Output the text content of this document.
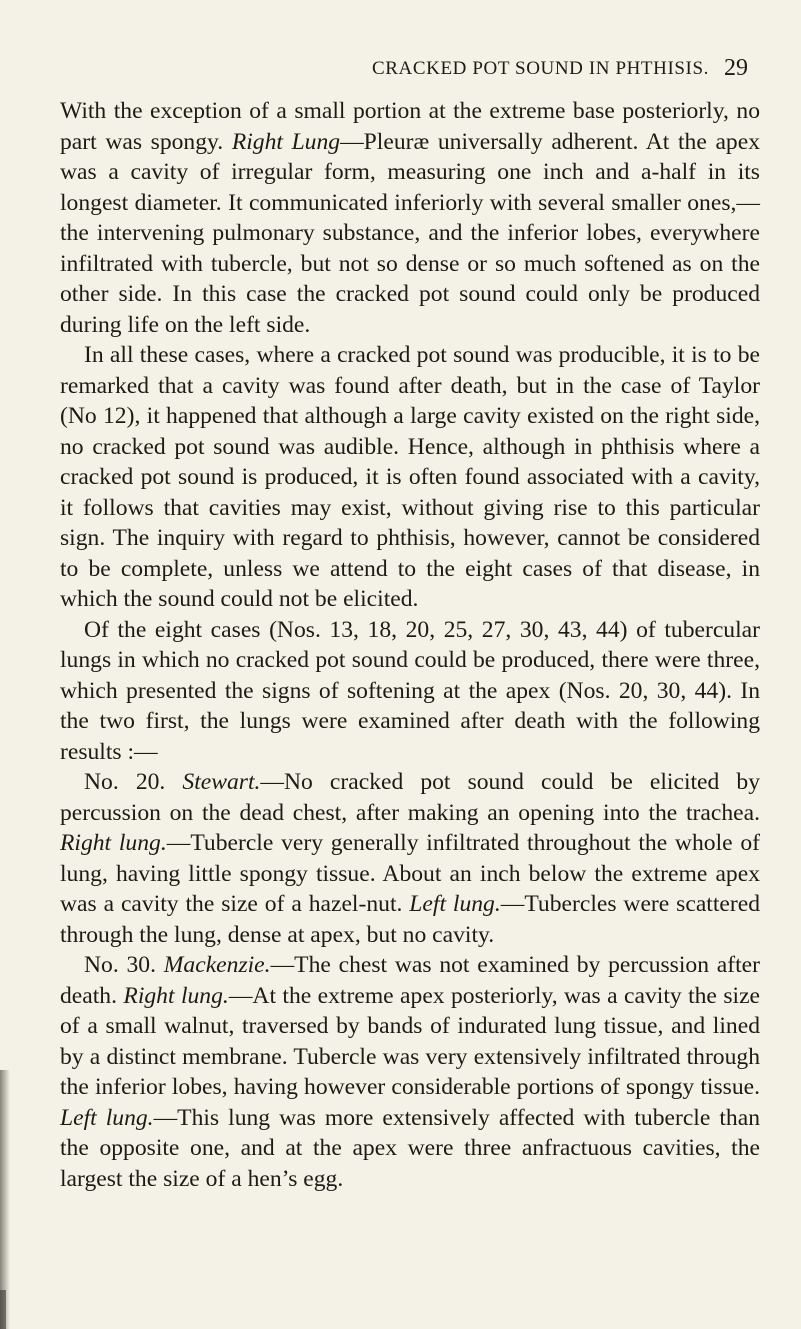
CRACKED POT SOUND IN PHTHISIS. 29

With the exception of a small portion at the extreme base posteriorly, no part was spongy. Right Lung—Pleuræ universally adherent. At the apex was a cavity of irregular form, measuring one inch and a-half in its longest diameter. It communicated inferiorly with several smaller ones,—the intervening pulmonary substance, and the inferior lobes, everywhere infiltrated with tubercle, but not so dense or so much softened as on the other side. In this case the cracked pot sound could only be produced during life on the left side.

In all these cases, where a cracked pot sound was producible, it is to be remarked that a cavity was found after death, but in the case of Taylor (No 12), it happened that although a large cavity existed on the right side, no cracked pot sound was audible. Hence, although in phthisis where a cracked pot sound is produced, it is often found associated with a cavity, it follows that cavities may exist, without giving rise to this particular sign. The inquiry with regard to phthisis, however, cannot be considered to be complete, unless we attend to the eight cases of that disease, in which the sound could not be elicited.

Of the eight cases (Nos. 13, 18, 20, 25, 27, 30, 43, 44) of tubercular lungs in which no cracked pot sound could be produced, there were three, which presented the signs of softening at the apex (Nos. 20, 30, 44). In the two first, the lungs were examined after death with the following results :—

No. 20. Stewart.—No cracked pot sound could be elicited by percussion on the dead chest, after making an opening into the trachea. Right lung.—Tubercle very generally infiltrated throughout the whole of lung, having little spongy tissue. About an inch below the extreme apex was a cavity the size of a hazel-nut. Left lung.—Tubercles were scattered through the lung, dense at apex, but no cavity.

No. 30. Mackenzie.—The chest was not examined by percussion after death. Right lung.—At the extreme apex posteriorly, was a cavity the size of a small walnut, traversed by bands of indurated lung tissue, and lined by a distinct membrane. Tubercle was very extensively infiltrated through the inferior lobes, having however considerable portions of spongy tissue. Left lung.—This lung was more extensively affected with tubercle than the opposite one, and at the apex were three anfractuous cavities, the largest the size of a hen’s egg.
